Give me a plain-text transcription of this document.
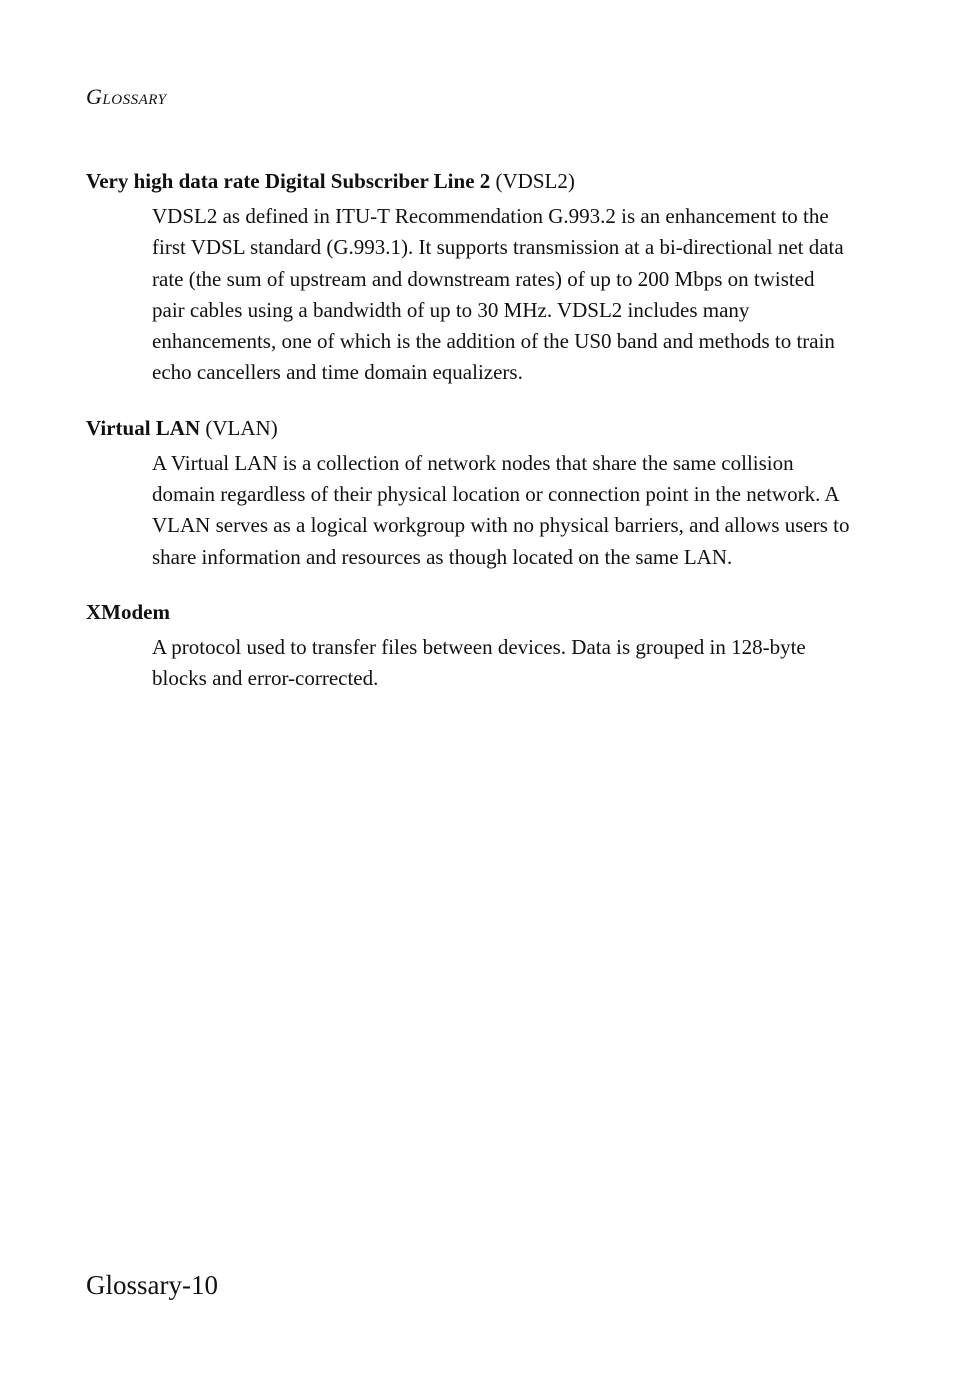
Glossary
Very high data rate Digital Subscriber Line 2 (VDSL2)
VDSL2 as defined in ITU-T Recommendation G.993.2 is an enhancement to the first VDSL standard (G.993.1). It supports transmission at a bi-directional net data rate (the sum of upstream and downstream rates) of up to 200 Mbps on twisted pair cables using a bandwidth of up to 30 MHz. VDSL2 includes many enhancements, one of which is the addition of the US0 band and methods to train echo cancellers and time domain equalizers.
Virtual LAN (VLAN)
A Virtual LAN is a collection of network nodes that share the same collision domain regardless of their physical location or connection point in the network. A VLAN serves as a logical workgroup with no physical barriers, and allows users to share information and resources as though located on the same LAN.
XModem
A protocol used to transfer files between devices. Data is grouped in 128-byte blocks and error-corrected.
Glossary-10
